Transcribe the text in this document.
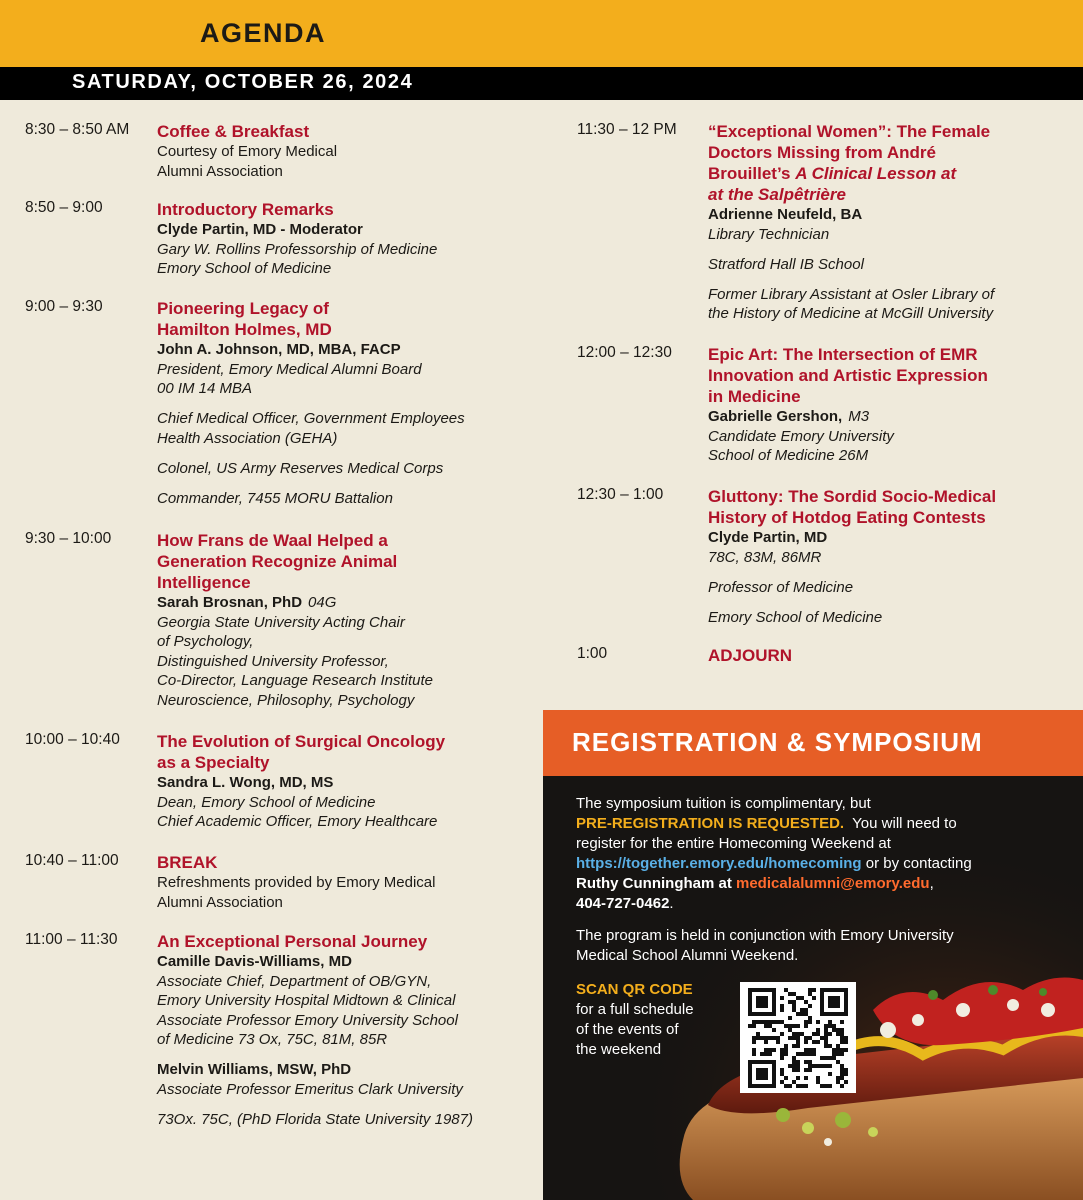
AGENDA
SATURDAY, OCTOBER 26, 2024
8:30 – 8:50 AM Coffee & Breakfast
Courtesy of Emory Medical
Alumni Association
8:50 – 9:00	Introductory Remarks
Clyde Partin, MD - Moderator
Gary W. Rollins Professorship of Medicine
Emory School of Medicine
9:00 – 9:30	Pioneering Legacy of
Hamilton Holmes, MD
John A. Johnson, MD, MBA, FACP
President, Emory Medical Alumni Board
00 IM 14 MBA
Chief Medical Officer, Government Employees
Health Association (GEHA)
Colonel, US Army Reserves Medical Corps
Commander, 7455 MORU Battalion
9:30 – 10:00	How Frans de Waal Helped a
Generation Recognize Animal
Intelligence
Sarah Brosnan, PhD 04G
Georgia State University Acting Chair
of Psychology,
Distinguished University Professor,
Co-Director, Language Research Institute
Neuroscience, Philosophy, Psychology
10:00 – 10:40 The Evolution of Surgical Oncology
as a Specialty
Sandra L. Wong, MD, MS
Dean, Emory School of Medicine
Chief Academic Officer, Emory Healthcare
10:40 – 11:00 BREAK
Refreshments provided by Emory Medical
Alumni Association
11:00 – 11:30 An Exceptional Personal Journey
Camille Davis-Williams, MD
Associate Chief, Department of OB/GYN,
Emory University Hospital Midtown & Clinical
Associate Professor Emory University School
of Medicine 73 Ox, 75C, 81M, 85R
Melvin Williams, MSW, PhD
Associate Professor Emeritus Clark University
73Ox. 75C, (PhD Florida State University 1987)
11:30 – 12 PM “Exceptional Women”: The Female
Doctors Missing from André
Brouillet’s A Clinical Lesson at
at the Salpêtrière
Adrienne Neufeld, BA
Library Technician
Stratford Hall IB School
Former Library Assistant at Osler Library of
the History of Medicine at McGill University
12:00 – 12:30 Epic Art: The Intersection of EMR
Innovation and Artistic Expression
in Medicine
Gabrielle Gershon, M3
Candidate Emory University
School of Medicine 26M
12:30 – 1:00	Gluttony: The Sordid Socio-Medical
History of Hotdog Eating Contests
Clyde Partin, MD
78C, 83M, 86MR
Professor of Medicine
Emory School of Medicine
1:00	ADJOURN
REGISTRATION & SYMPOSIUM
The symposium tuition is complimentary, but
PRE-REGISTRATION IS REQUESTED. You will need to
register for the entire Homecoming Weekend at
https://together.emory.edu/homecoming or by contacting
Ruthy Cunningham at medicalalumni@emory.edu,
404-727-0462.
The program is held in conjunction with Emory University
Medical School Alumni Weekend.
SCAN QR CODE
for a full schedule
of the events of
the weekend
